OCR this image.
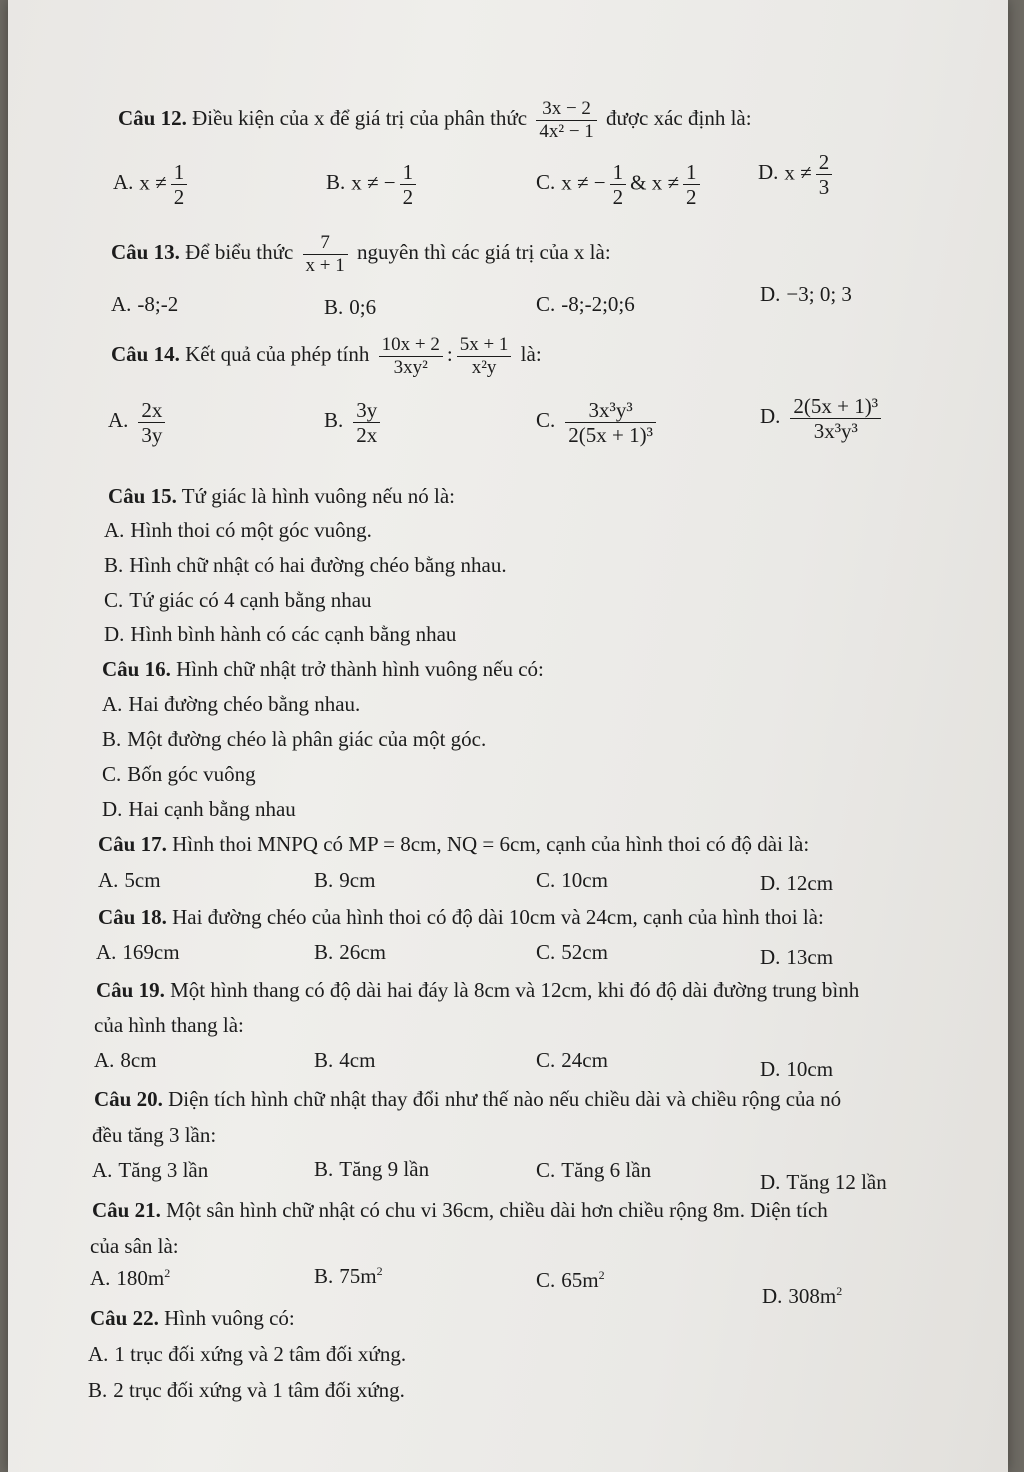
Câu 12. Điều kiện của x để giá trị của phân thức $\frac{3x - 2}{\text{4x² − 1}}$ được xác định là:
A. $x \ne \frac{1}{2}$	B. x ≠ − $\frac{1}{2}$	C. x ≠ − $\frac{1}{2}$ & $x \ne \frac{1}{2}$	D. $x \ne \frac{2}{3}$
Câu 13. Để biểu thức $\frac{7}{x + 1}$ nguyên thì các giá trị của x là:
A. -8;-2	B. 0;6	C. -8;-2;0;6	D. −3; 0; 3
Câu 14. Kết quả của phép tính $\frac{10x + 2}{\text{3xy²}}$ : $\frac{5x + 1}{\text{x²y}}$ là:
A. $\frac{2x}{3y}$	B. $\frac{3y}{2x}$	C. $\frac{\text{3x³y³}}{\text{2(5x + 1)³}}$	D. $\frac{\text{2(5x + 1)³}}{\text{3x³y³}}$
Câu 15. Tứ giác là hình vuông nếu nó là:
A. Hình thoi có một góc vuông.
B. Hình chữ nhật có hai đường chéo bằng nhau.
C. Tứ giác có 4 cạnh bằng nhau
D. Hình bình hành có các cạnh bằng nhau
Câu 16. Hình chữ nhật trở thành hình vuông nếu có:
A. Hai đường chéo bằng nhau.
B. Một đường chéo là phân giác của một góc.
C. Bốn góc vuông
D. Hai cạnh bằng nhau
Câu 17. Hình thoi MNPQ có MP = 8cm, NQ = 6cm, cạnh của hình thoi có độ dài là:
A. 5cm	B. 9cm	C. 10cm	D. 12cm
Câu 18. Hai đường chéo của hình thoi có độ dài 10cm và 24cm, cạnh của hình thoi là:
A. 169cm	B. 26cm	C. 52cm	D. 13cm
Câu 19. Một hình thang có độ dài hai đáy là 8cm và 12cm, khi đó độ dài đường trung bình
của hình thang là:
A. 8cm	B. 4cm	C. 24cm	D. 10cm
Câu 20. Diện tích hình chữ nhật thay đổi như thế nào nếu chiều dài và chiều rộng của nó
đều tăng 3 lần:
A. Tăng 3 lần	B. Tăng 9 lần	C. Tăng 6 lần	D. Tăng 12 lần
Câu 21. Một sân hình chữ nhật có chu vi 36cm, chiều dài hơn chiều rộng 8m. Diện tích
của sân là:
A. $180m^2$	B. $75m^2$	C. $65m^2$
D. $308m^2$
Câu 22. Hình vuông có:
A. 1 trục đối xứng và 2 tâm đối xứng.
B. 2 trục đối xứng và 1 tâm đối xứng.
